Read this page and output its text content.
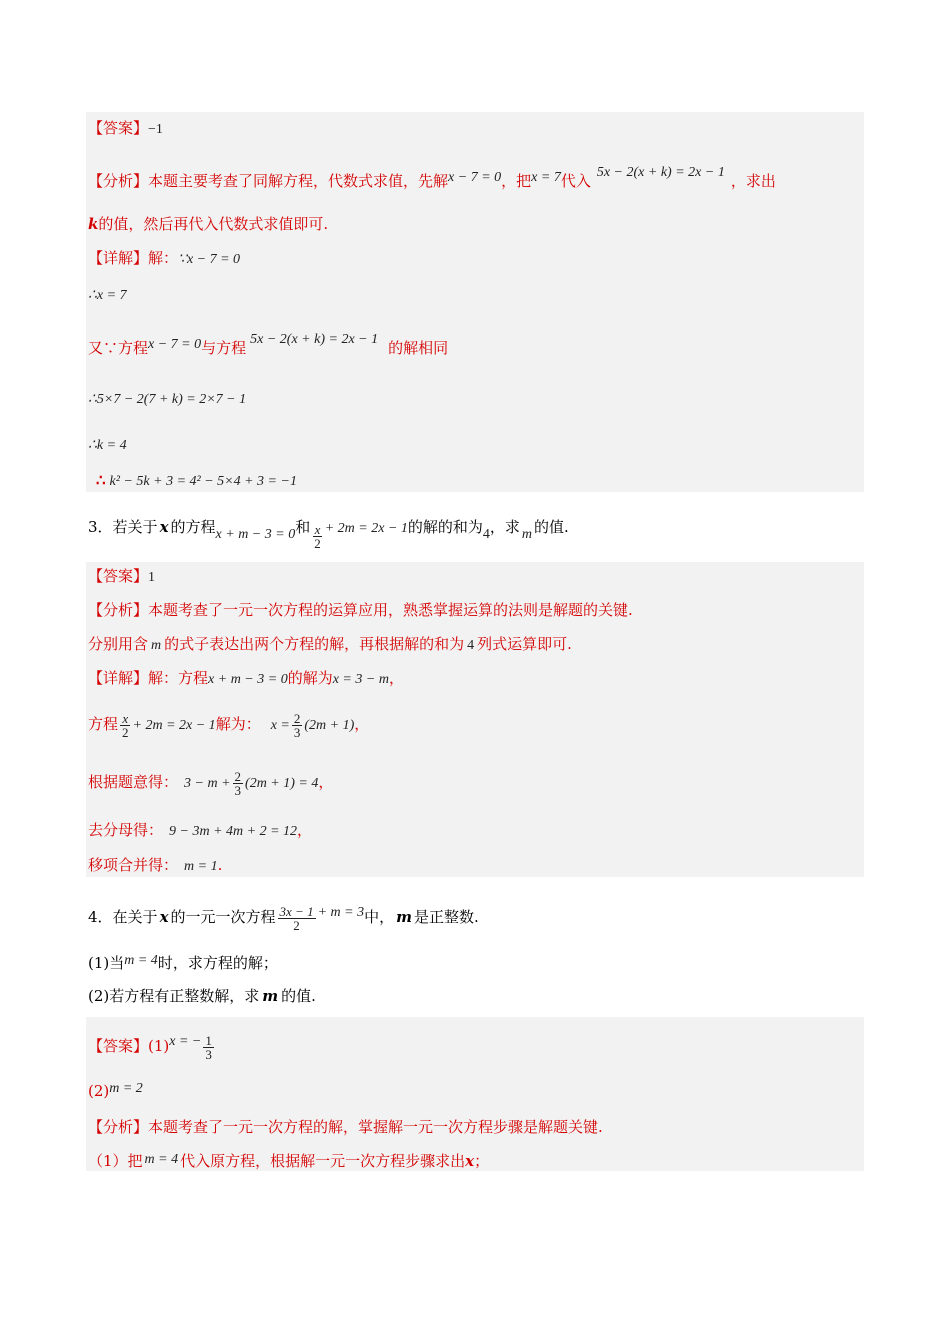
【答案】−1
【分析】本题主要考查了同解方程，代数式求值，先解x − 7 = 0，把x = 7代入 5x − 2(x + k) = 2x − 1 ，求出
k的值，然后再代入代数式求值即可.
【详解】解：∵x − 7 = 0
∴x = 7
又∵方程x − 7 = 0与方程 5x − 2(x + k) = 2x − 1 的解相同
∴5×7 − 2(7 + k) = 2×7 − 1
∴k = 4
∴ k² − 5k + 3 = 4² − 5×4 + 3 = −1
3．若关于 x 的方程x + m − 3 = 0和 $\frac{x}{2} + 2m = 2x - 1$的解的和为4，求 m 的值.
【答案】1
【分析】本题考查了一元一次方程的运算应用，熟悉掌握运算的法则是解题的关键.
分别用含 m 的式子表达出两个方程的解，再根据解的和为 4 列式运算即可.
【详解】解：方程x + m − 3 = 0的解为x = 3 − m，
方程 $\frac{x}{2} + 2m = 2x - 1$解为： $x = \frac{2}{3} (2m + 1)$，
根据题意得： $3 - m + \frac{2}{3} (2m + 1) = 4$，
去分母得： 9 − 3m + 4m + 2 = 12，
移项合并得： m = 1.
4．在关于 x 的一元一次方程 $\frac{3x - 1}{2} + m = 3$中， m 是正整数.
(1)当m = 4时，求方程的解；
(2)若方程有正整数解，求 m 的值.
【答案】(1)x = − $\frac{1}{3}$
(2)m = 2
【分析】本题考查了一元一次方程的解，掌握解一元一次方程步骤是解题关键.
（1）把 m = 4 代入原方程，根据解一元一次方程步骤求出x；
